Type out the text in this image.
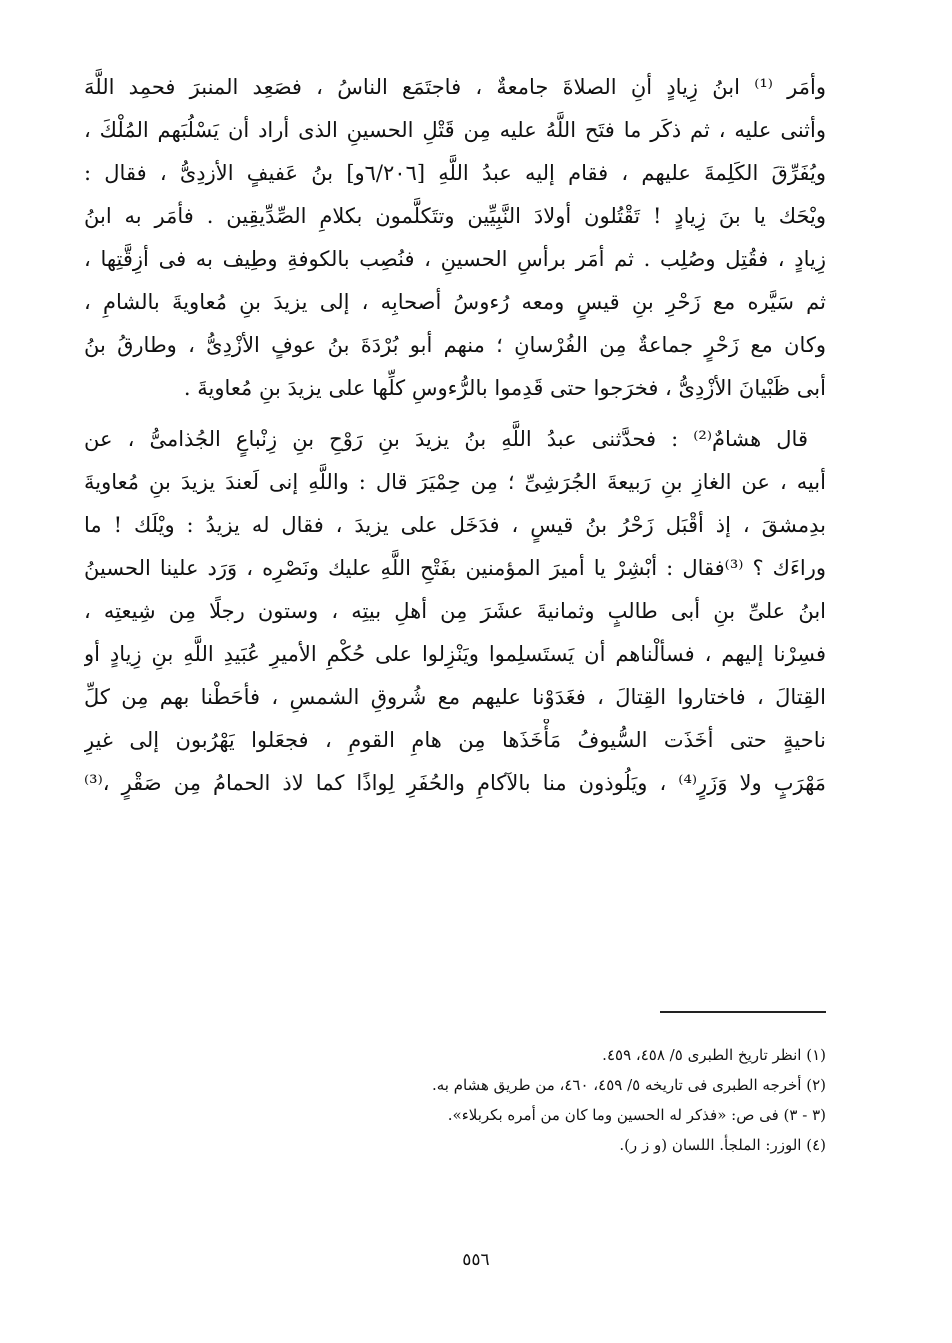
وأمَر ⁽¹⁾ ابنُ زِيادٍ أنِ الصلاةَ جامعةٌ ، فاجتَمَع الناسُ ، فصَعِد المنبرَ فحمِد اللَّهَ
وأثنى عليه ، ثم ذكَر ما فتَح اللَّهُ عليه مِن قَتْلِ الحسينِ الذى أراد أن يَسْلُبَهم المُلْكَ ،
ويُفَرِّقَ الكَلِمةَ عليهم ، فقام إليه عبدُ اللَّهِ [٦/٢٠٦و] بنُ عَفيفٍ الأزدِىُّ ، فقال :
ويْحَك يا بنَ زِيادٍ ! تَقْتُلون أولادَ النَّبِيِّين وتتَكلَّمون بكلامِ الصِّدِّيقِين . فأمَر به ابنُ
زِيادٍ ، فقُتِل وصُلِب . ثم أمَر برأسِ الحسينِ ، فنُصِب بالكوفةِ وطِيف به فى أزِقَّتِها ،
ثم سَيَّره مع زَحْرِ بنِ قيسٍ ومعه رُءوسُ أصحابِه ، إلى يزيدَ بنِ مُعاويةَ بالشامِ ،
وكان مع زَحْرٍ جماعةٌ مِن الفُرْسانِ ؛ منهم أبو بُرْدَةَ بنُ عوفٍ الأزْدِىُّ ، وطارقُ بنُ
أبى ظَبْيانَ الأزْدِىُّ ، فخرَجوا حتى قَدِموا بالرُّءوسِ كلِّها على يزيدَ بنِ مُعاويةَ .
قال هشامٌ⁽²⁾ : فحدَّثنى عبدُ اللَّهِ بنُ يزيدَ بنِ رَوْحِ بنِ زِنْباعٍ الجُذامىُّ ، عن
أبيه ، عن الغازِ بنِ رَبيعةَ الجُرَشِىِّ ؛ مِن حِمْيَرَ قال : واللَّهِ إنى لَعندَ يزيدَ بنِ مُعاويةَ
بدِمشقَ ، إذ أقْبَل زَحْرُ بنُ قيسٍ ، فدَخَل على يزيدَ ، فقال له يزيدُ : ويْلَك ! ما
وراءَك ؟ ⁽³⁾فقال : أبْشِرْ يا أميرَ المؤمنين بفَتْحِ اللَّهِ عليك ونَصْرِه ، وَرَد علينا الحسينُ
ابنُ علىِّ بنِ أبى طالبٍ وثمانيةَ عشَرَ مِن أهلِ بيتِه ، وستون رجلًا مِن شِيعتِه ،
فسِرْنا إليهم ، فسألْناهم أن يَستَسلِموا ويَنْزِلوا على حُكْمِ الأميرِ عُبَيدِ اللَّهِ بنِ زِيادٍ أو
القِتالَ ، فاختاروا القِتالَ ، فغَدَوْنا عليهم مع شُروقِ الشمسِ ، فأحَطْنا بهم مِن كلِّ
ناحيةٍ حتى أخَذَت السُّيوفُ مَأْخَذَها مِن هامِ القومِ ، فجعَلوا يَهْرُبون إلى غيرِ
مَهْرَبٍ ولا وَزَرٍ⁽⁴⁾ ، ويَلُوذون منا بالآكامِ والحُفَرِ لِواذًا كما لاذ الحمامُ مِن صَقْرٍ ،⁽³⁾
(١) انظر تاريخ الطبرى ٥/ ٤٥٨، ٤٥٩.
(٢) أخرجه الطبرى فى تاريخه ٥/ ٤٥٩، ٤٦٠، من طريق هشام به.
(٣ - ٣) فى ص: «فذكر له الحسين وما كان من أمره بكربلاء».
(٤) الوزر: الملجأ. اللسان (و ز ر).
٥٥٦
